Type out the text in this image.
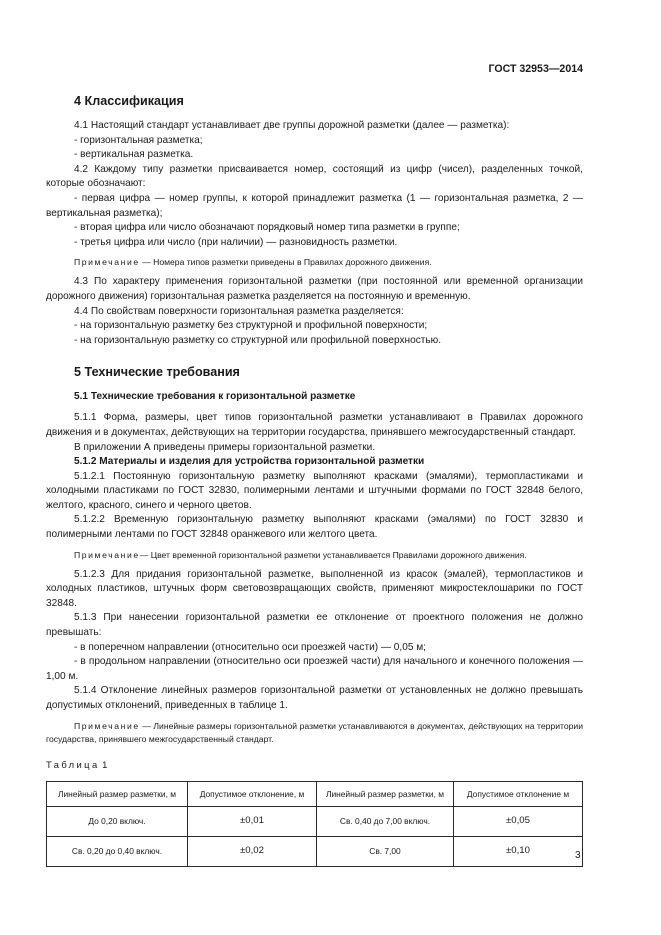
ГОСТ 32953—2014
4 Классификация

4.1 Настоящий стандарт устанавливает две группы дорожной разметки (далее — разметка):

- горизонтальная разметка;

- вертикальная разметка.

4.2 Каждому типу разметки присваивается номер, состоящий из цифр (чисел), разделенных точкой, которые обозначают:

- первая цифра — номер группы, к которой принадлежит разметка (1 — горизонтальная разметка, 2 — вертикальная разметка);

- вторая цифра или число обозначают порядковый номер типа разметки в группе;

- третья цифра или число (при наличии) — разновидность разметки.

Примечание — Номера типов разметки приведены в Правилах дорожного движения.

4.3 По характеру применения горизонтальной разметки (при постоянной или временной организации дорожного движения) горизонтальная разметка разделяется на постоянную и временную.

4.4 По свойствам поверхности горизонтальная разметка разделяется:

- на горизонтальную разметку без структурной и профильной поверхности;

- на горизонтальную разметку со структурной или профильной поверхностью.

5 Технические требования
5.1 Технические требования к горизонтальной разметке

5.1.1 Форма, размеры, цвет типов горизонтальной разметки устанавливают в Правилах дорожного движения и в документах, действующих на территории государства, принявшего межгосударственный стандарт.

В приложении А приведены примеры горизонтальной разметки.

5.1.2 Материалы и изделия для устройства горизонтальной разметки

5.1.2.1 Постоянную горизонтальную разметку выполняют красками (эмалями), термопластиками и холодными пластиками по ГОСТ 32830, полимерными лентами и штучными формами по ГОСТ 32848 белого, желтого, красного, синего и черного цветов.

5.1.2.2 Временную горизонтальную разметку выполняют красками (эмалями) по ГОСТ 32830 и полимерными лентами по ГОСТ 32848 оранжевого или желтого цвета.

Примечание— Цвет временной горизонтальной разметки устанавливается Правилами дорожного движения.

5.1.2.3 Для придания горизонтальной разметке, выполненной из красок (эмалей), термопластиков и холодных пластиков, штучных форм световозвращающих свойств, применяют микростеклошарики по ГОСТ 32848.

5.1.3 При нанесении горизонтальной разметки ее отклонение от проектного положения не должно превышать:

- в поперечном направлении (относительно оси проезжей части) — 0,05 м;

- в продольном направлении (относительно оси проезжей части) для начального и конечного положения — 1,00 м.

5.1.4 Отклонение линейных размеров горизонтальной разметки от установленных не должно превышать допустимых отклонений, приведенных в таблице 1.

Примечание — Линейные размеры горизонтальной разметки устанавливаются в документах, действующих на территории государства, принявшего межгосударственный стандарт.

Таблица 1
Линейный размер разметки, м	Допустимое отклонение, м	Линейный размер разметки, м	Допустимое отклонение м
До 0,20 включ.	±0,01	Св. 0,40 до 7,00 включ.	±0,05
Св. 0,20 до 0,40 включ.	±0,02	Св. 7,00	±0,10	3
